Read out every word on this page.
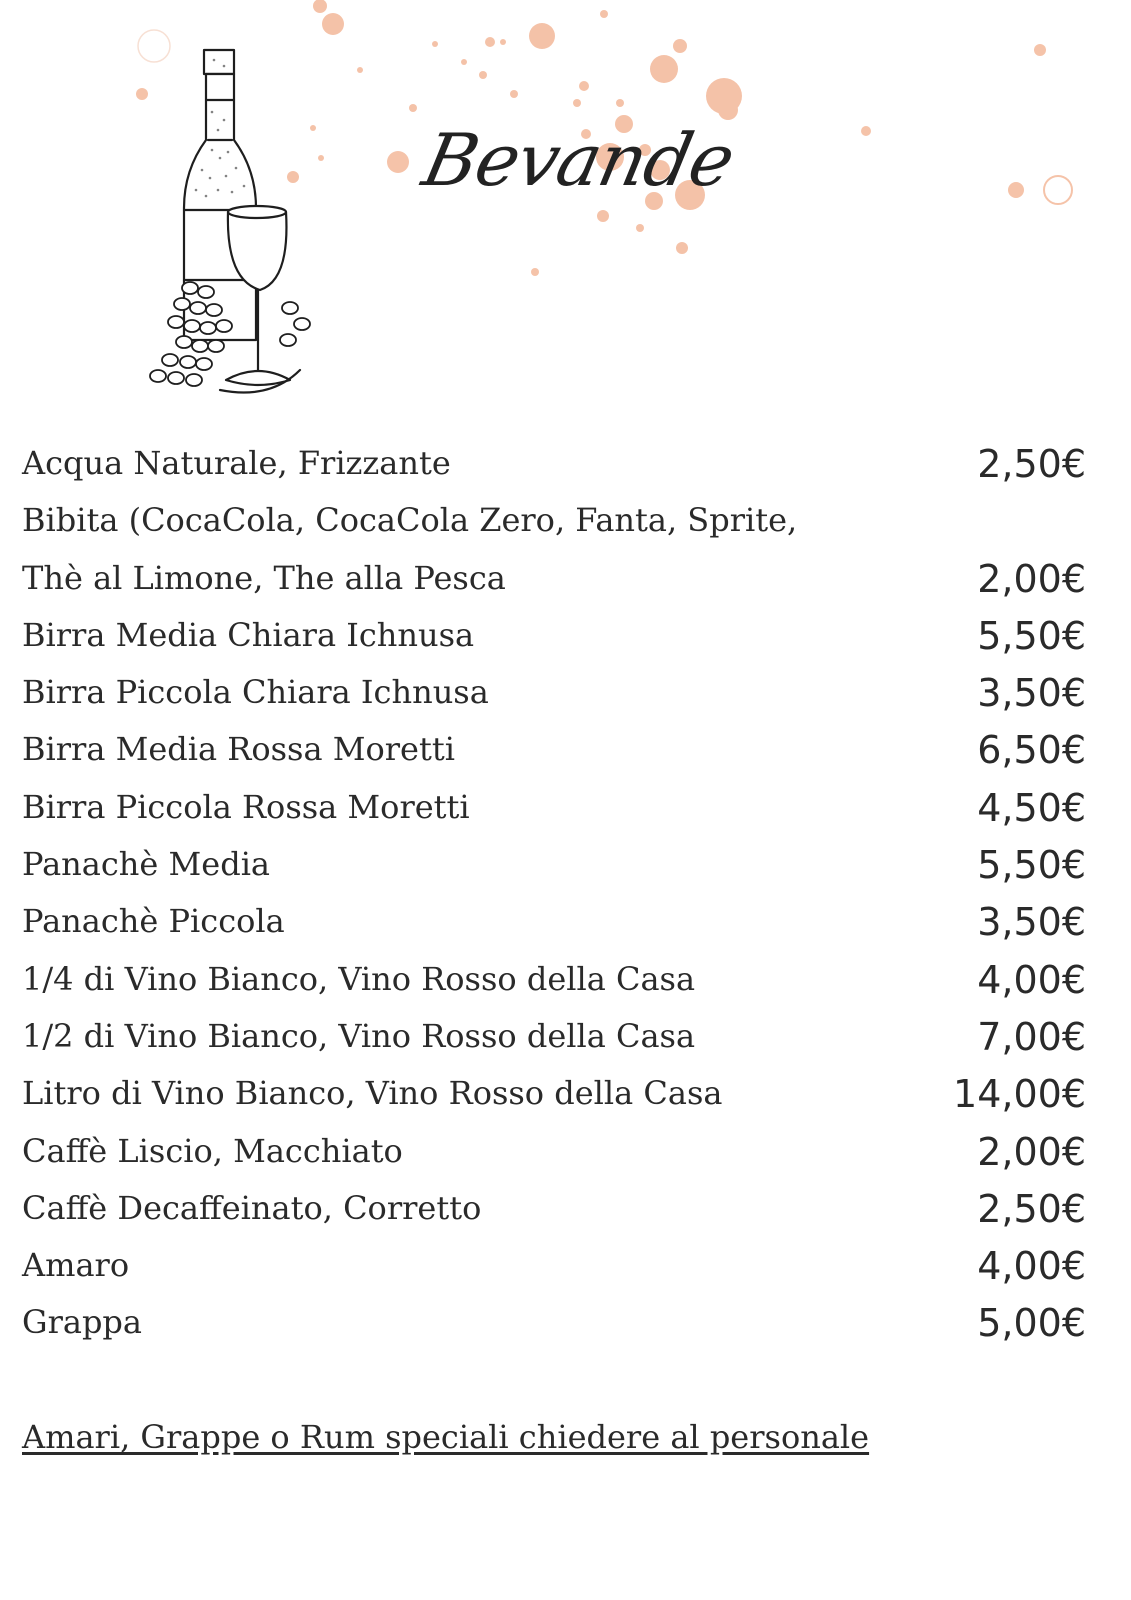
Bevande
Acqua Naturale, Frizzante	2,50€
Bibita (CocaCola, CocaCola Zero, Fanta, Sprite,
Thè al Limone, The alla Pesca	2,00€
Birra Media Chiara Ichnusa	5,50€
Birra Piccola Chiara Ichnusa	3,50€
Birra Media Rossa Moretti	6,50€
Birra Piccola Rossa Moretti	4,50€
Panachè Media	5,50€
Panachè Piccola	3,50€
1/4 di Vino Bianco, Vino Rosso della Casa	4,00€
1/2 di Vino Bianco, Vino Rosso della Casa	7,00€
Litro di Vino Bianco, Vino Rosso della Casa	14,00€
Caffè Liscio, Macchiato	2,00€
Caffè Decaffeinato, Corretto	2,50€
Amaro	4,00€
Grappa	5,00€
Amari, Grappe o Rum speciali chiedere al personale
